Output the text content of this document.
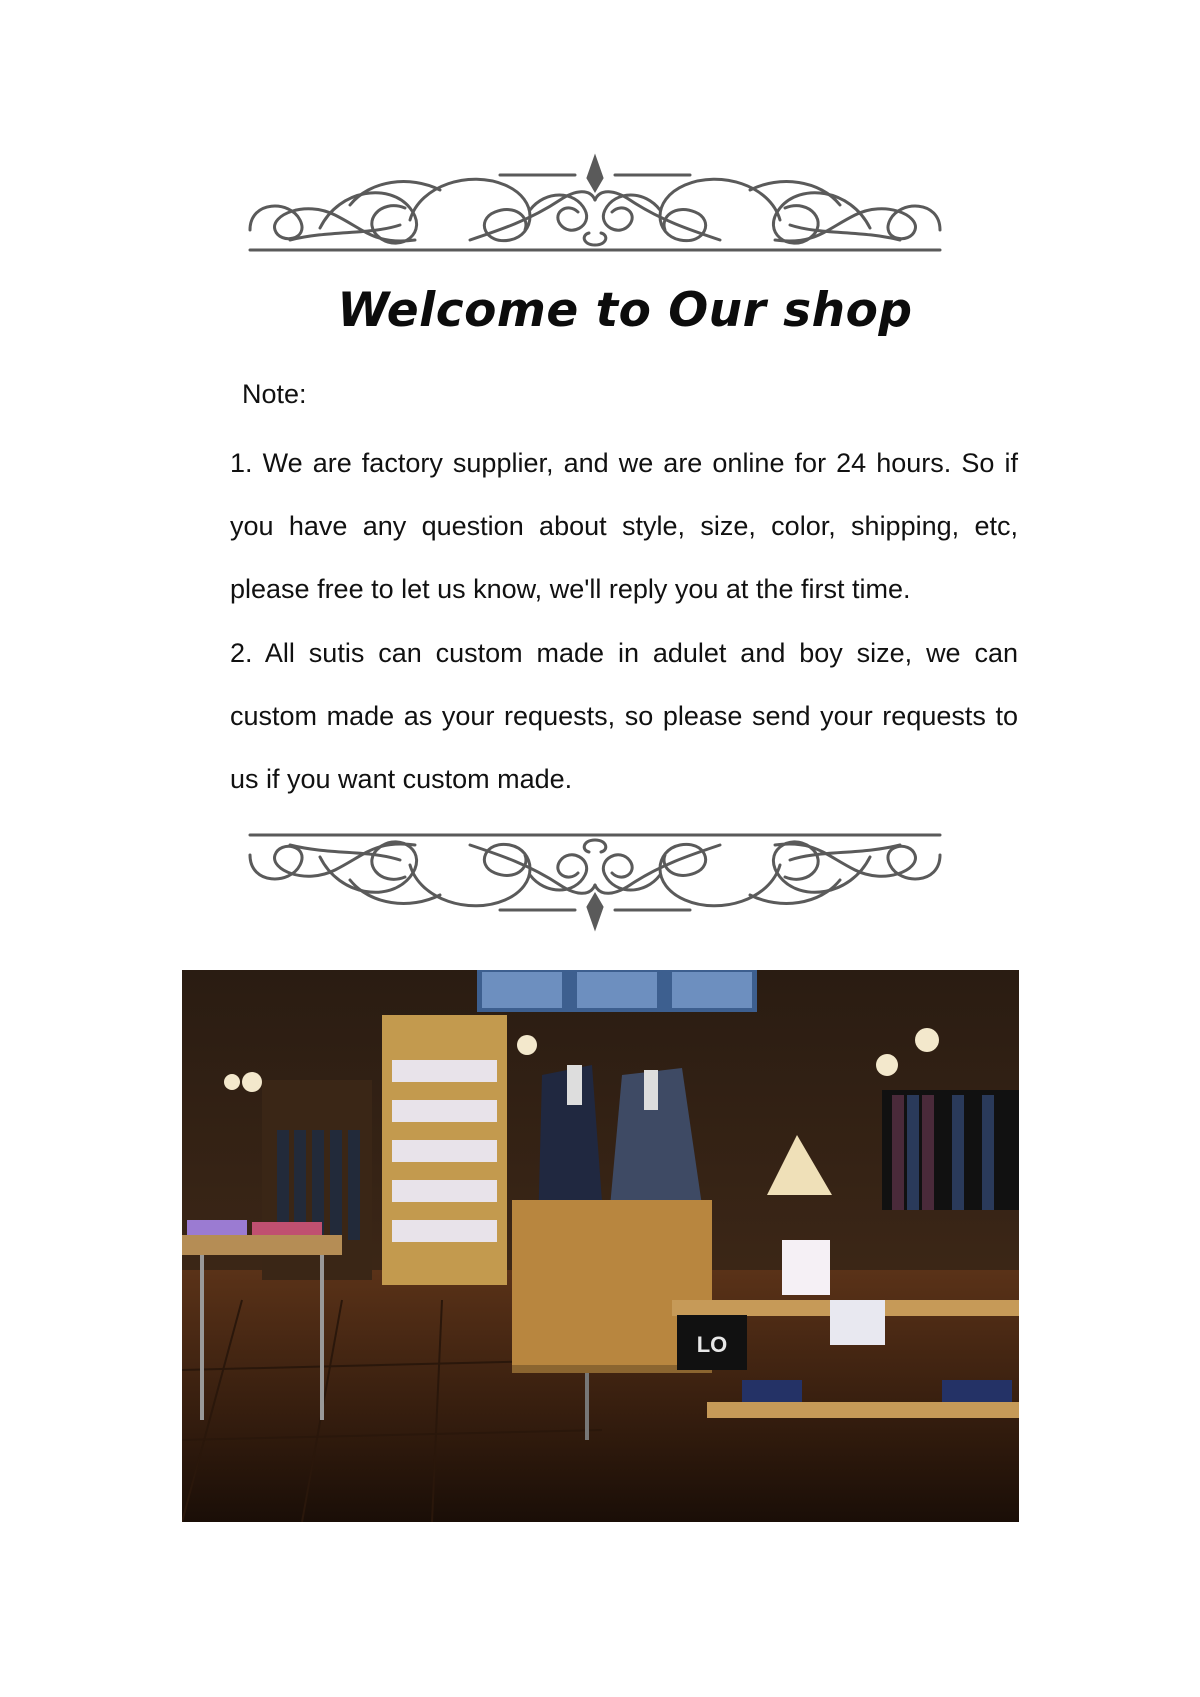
Welcome to Our shop

Note:

1. We are factory supplier, and we are online for 24 hours. So if you have any question about style, size, color, shipping, etc, please free to let us know, we'll reply you at the first time.

2. All sutis can custom made in adulet and boy size, we can custom made as your requests, so please send your requests to us if you want custom made.

LO
